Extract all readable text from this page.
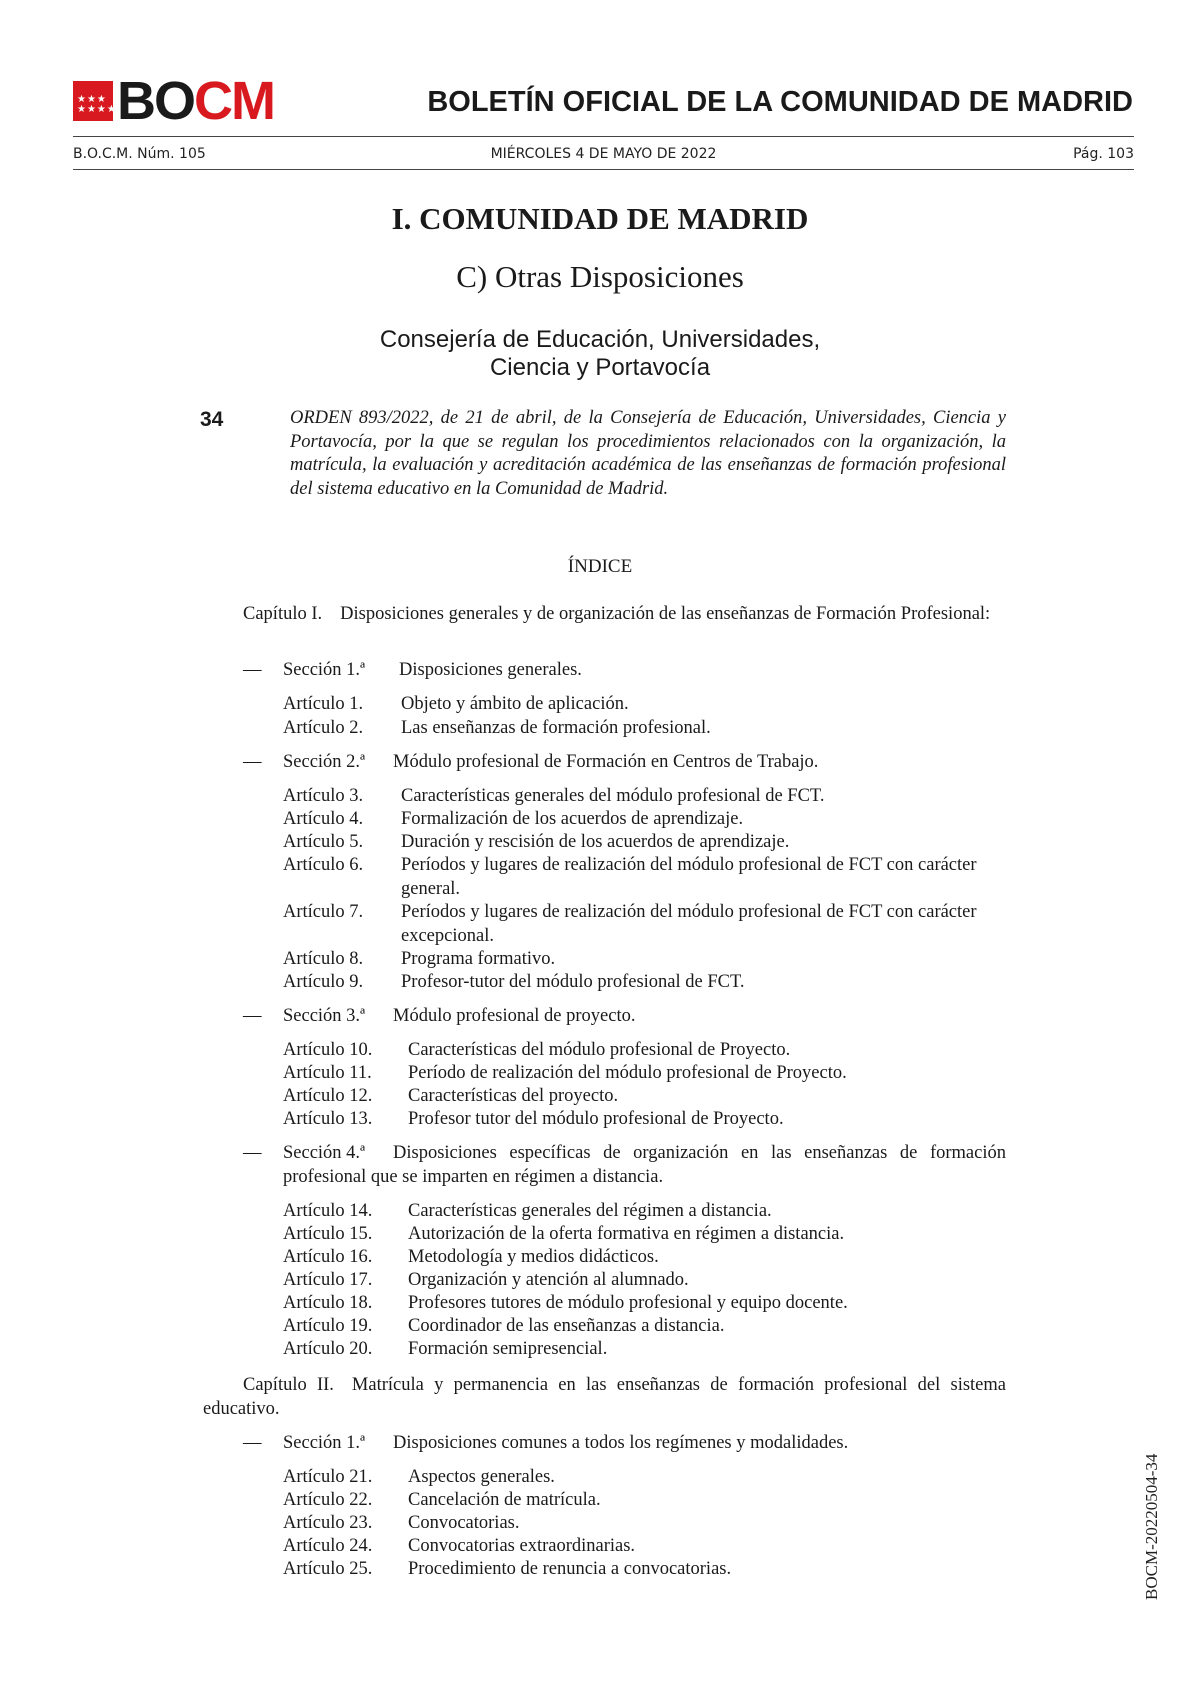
★★★
★★★★ BOCM	BOLETÍN OFICIAL DE LA COMUNIDAD DE MADRID
B.O.C.M. Núm. 105	MIÉRCOLES 4 DE MAYO DE 2022	Pág. 103
I. COMUNIDAD DE MADRID
C) Otras Disposiciones
Consejería de Educación, Universidades,
Ciencia y Portavocía
34	ORDEN 893/2022, de 21 de abril, de la Consejería de Educación, Universidades, Ciencia y Portavocía, por la que se regulan los procedimientos relacionados con la organización, la matrícula, la evaluación y acreditación académica de las enseñanzas de formación profesional del sistema educativo en la Comunidad de Madrid.
ÍNDICE
Capítulo I. Disposiciones generales y de organización de las enseñanzas de Formación Profesional:
—	Sección 1.ª Disposiciones generales.
Artículo 1.	Objeto y ámbito de aplicación.
Artículo 2.	Las enseñanzas de formación profesional.
—	Sección 2.ª Módulo profesional de Formación en Centros de Trabajo.
Artículo 3.	Características generales del módulo profesional de FCT.
Artículo 4.	Formalización de los acuerdos de aprendizaje.
Artículo 5.	Duración y rescisión de los acuerdos de aprendizaje.
Artículo 6.	Períodos y lugares de realización del módulo profesional de FCT con carácter general.
Artículo 7.	Períodos y lugares de realización del módulo profesional de FCT con carácter excepcional.
Artículo 8.	Programa formativo.
Artículo 9.	Profesor-tutor del módulo profesional de FCT.
—	Sección 3.ª Módulo profesional de proyecto.
Artículo 10.	Características del módulo profesional de Proyecto.
Artículo 11.	Período de realización del módulo profesional de Proyecto.
Artículo 12.	Características del proyecto.
Artículo 13.	Profesor tutor del módulo profesional de Proyecto.
—	Sección 4.ª Disposiciones específicas de organización en las enseñanzas de formación profesional que se imparten en régimen a distancia.
Artículo 14.	Características generales del régimen a distancia.
Artículo 15.	Autorización de la oferta formativa en régimen a distancia.
Artículo 16.	Metodología y medios didácticos.
Artículo 17.	Organización y atención al alumnado.
Artículo 18.	Profesores tutores de módulo profesional y equipo docente.
Artículo 19.	Coordinador de las enseñanzas a distancia.
Artículo 20.	Formación semipresencial.
Capítulo II. Matrícula y permanencia en las enseñanzas de formación profesional del sistema educativo.
—	Sección 1.ª Disposiciones comunes a todos los regímenes y modalidades.
Artículo 21.	Aspectos generales.
Artículo 22.	Cancelación de matrícula.
Artículo 23.	Convocatorias.
Artículo 24.	Convocatorias extraordinarias.
Artículo 25.	Procedimiento de renuncia a convocatorias.	BOCM-20220504-34
